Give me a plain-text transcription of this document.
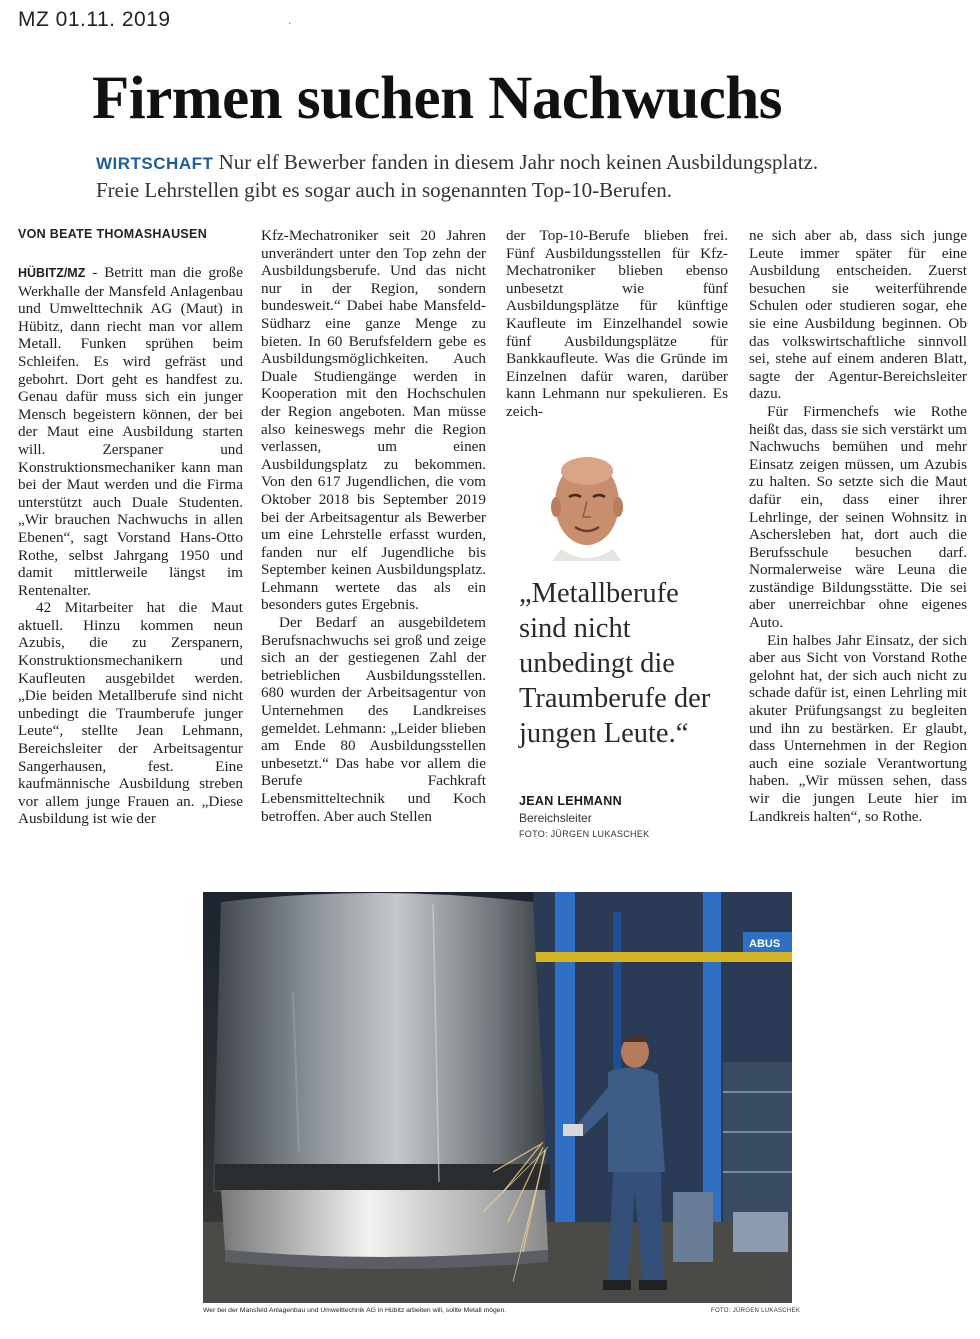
MZ 01.11. 2019	·
Firmen suchen Nachwuchs
WIRTSCHAFT Nur elf Bewerber fanden in diesem Jahr noch keinen Ausbildungsplatz.
Freie Lehrstellen gibt es sogar auch in sogenannten Top-10-Berufen.
VON BEATE THOMASHAUSEN

HÜBITZ/MZ - Betritt man die große Werkhalle der Mansfeld Anlagenbau und Umwelttechnik AG (Maut) in Hübitz, dann riecht man vor allem Metall. Funken sprühen beim Schleifen. Es wird gefräst und gebohrt. Dort geht es handfest zu. Genau dafür muss sich ein junger Mensch begeistern können, der bei der Maut eine Ausbildung starten will. Zerspaner und Konstruktionsmechaniker kann man bei der Maut werden und die Firma unterstützt auch Duale Studenten. „Wir brauchen Nachwuchs in allen Ebenen“, sagt Vorstand Hans-Otto Rothe, selbst Jahrgang 1950 und damit mittlerweile längst im Rentenalter.

42 Mitarbeiter hat die Maut aktuell. Hinzu kommen neun Azubis, die zu Zerspanern, Konstruktionsmechanikern und Kaufleuten ausgebildet werden. „Die beiden Metallberufe sind nicht unbedingt die Traumberufe junger Leute“, stellte Jean Lehmann, Bereichsleiter der Arbeitsagentur Sangerhausen, fest. Eine kaufmännische Ausbildung streben vor allem junge Frauen an. „Diese Ausbildung ist wie der

Kfz-Mechatroniker seit 20 Jahren unverändert unter den Top zehn der Ausbildungsberufe. Und das nicht nur in der Region, sondern bundesweit.“ Dabei habe Mansfeld-Südharz eine ganze Menge zu bieten. In 60 Berufsfeldern gebe es Ausbildungsmöglichkeiten. Auch Duale Studiengänge werden in Kooperation mit den Hochschulen der Region angeboten. Man müsse also keineswegs mehr die Region verlassen, um einen Ausbildungsplatz zu bekommen. Von den 617 Jugendlichen, die vom Oktober 2018 bis September 2019 bei der Arbeitsagentur als Bewerber um eine Lehrstelle erfasst wurden, fanden nur elf Jugendliche bis September keinen Ausbildungsplatz. Lehmann wertete das als ein besonders gutes Ergebnis.

Der Bedarf an ausgebildetem Berufsnachwuchs sei groß und zeige sich an der gestiegenen Zahl der betrieblichen Ausbildungsstellen. 680 wurden der Arbeitsagentur von Unternehmen des Landkreises gemeldet. Lehmann: „Leider blieben am Ende 80 Ausbildungsstellen unbesetzt.“ Das habe vor allem die Berufe Fachkraft Lebensmitteltechnik und Koch betroffen. Aber auch Stellen

der Top-10-Berufe blieben frei. Fünf Ausbildungsstellen für Kfz-Mechatroniker blieben ebenso unbesetzt wie fünf Ausbildungsplätze für künftige Kaufleute im Einzelhandel sowie fünf Ausbildungsplätze für Bankkaufleute. Was die Gründe im Einzelnen dafür waren, darüber kann Lehmann nur spekulieren. Es zeich-

ne sich aber ab, dass sich junge Leute immer später für eine Ausbildung entscheiden. Zuerst besuchen sie weiterführende Schulen oder studieren sogar, ehe sie eine Ausbildung beginnen. Ob das volkswirtschaftliche sinnvoll sei, stehe auf einem anderen Blatt, sagte der Agentur-Bereichsleiter dazu.

Für Firmenchefs wie Rothe heißt das, dass sie sich verstärkt um Nachwuchs bemühen und mehr Einsatz zeigen müssen, um Azubis zu halten. So setzte sich die Maut dafür ein, dass einer ihrer Lehrlinge, der seinen Wohnsitz in Aschersleben hat, dort auch die Berufsschule besuchen darf. Normalerweise wäre Leuna die zuständige Bildungsstätte. Die sei aber unerreichbar ohne eigenes Auto.

Ein halbes Jahr Einsatz, der sich aber aus Sicht von Vorstand Rothe gelohnt hat, der sich auch nicht zu schade dafür ist, einen Lehrling mit akuter Prüfungsangst zu begleiten und ihn zu bestärken. Er glaubt, dass Unternehmen in der Region auch eine soziale Verantwortung haben. „Wir müssen sehen, dass wir die jungen Leute hier im Landkreis halten“, so Rothe.

„Metallberufe sind nicht unbedingt die Traumberufe der jungen Leute.“
JEAN LEHMANN
Bereichsleiter
FOTO: JÜRGEN LUKASCHEK
ABUS
Wer bei der Mansfeld Anlagenbau und Umwelttechnik AG in Hübitz arbeiten will, sollte Metall mögen.	FOTO: JÜRGEN LUKASCHEK
